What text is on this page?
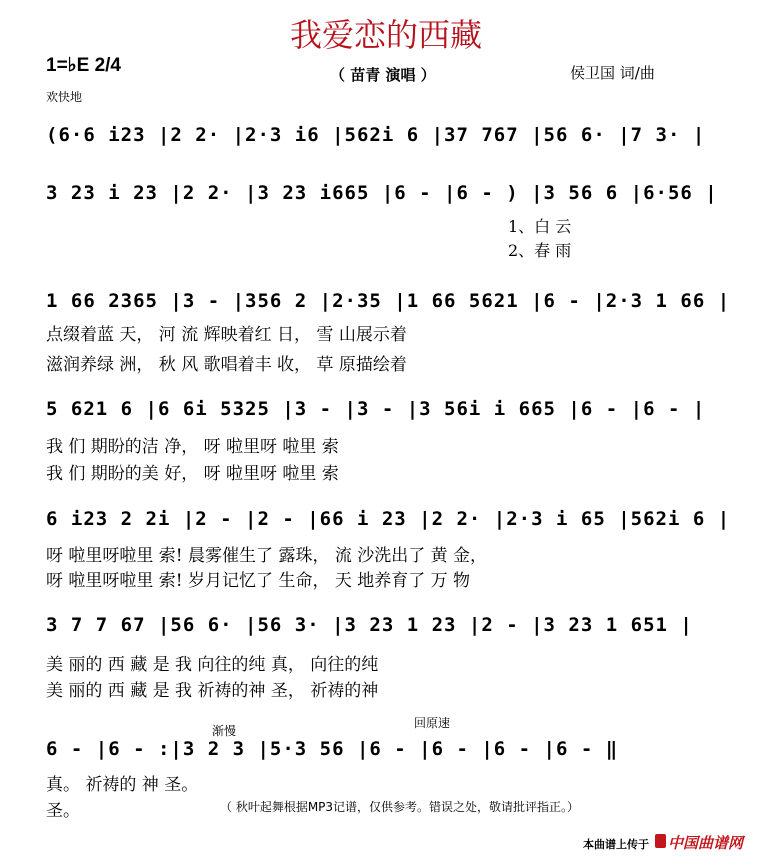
我爱恋的西藏
1=♭E 2/4
欢快地
（ 苗青 演唱 ）	侯卫国 词/曲
(6·6 i23 |2 2· |2·3 i6 |562i 6 |37 767 |56 6· |7 3· |
3 23 i 23 |2 2· |3 23 i665 |6 - |6 - ) |3 56 6 |6·56 |
1、白 云
2、春 雨
1 66 2365 |3 - |356 2 |2·35 |1 66 5621 |6 - |2·3 1 66 |
点缀着蓝 天， 河 流 辉映着红 日， 雪 山展示着
滋润养绿 洲， 秋 风 歌唱着丰 收， 草 原描绘着
5 621 6 |6 6i 5325 |3 - |3 - |3 56i i 665 |6 - |6 - |
我 们 期盼的洁 净， 呀 啦里呀 啦里 索
我 们 期盼的美 好， 呀 啦里呀 啦里 索
6 i23 2 2i |2 - |2 - |66 i 23 |2 2· |2·3 i 65 |562i 6 |
呀 啦里呀啦里 索! 晨雾催生了 露珠， 流 沙洗出了 黄 金，
呀 啦里呀啦里 索! 岁月记忆了 生命， 天 地养育了 万 物
3 7 7 67 |56 6· |56 3· |3 23 1 23 |2 - |3 23 1 651 |
美 丽的 西 藏 是 我 向往的纯 真， 向往的纯
美 丽的 西 藏 是 我 祈祷的神 圣， 祈祷的神
渐慢
回原速
6 - |6 - :|3 2 3 |5·3 56 |6 - |6 - |6 - |6 - ‖
真。 祈祷的 神 圣。
圣。	（ 秋叶起舞根据MP3记谱，仅供参考。错误之处，敬请批评指正。）
本曲谱上传于 中国曲谱网
